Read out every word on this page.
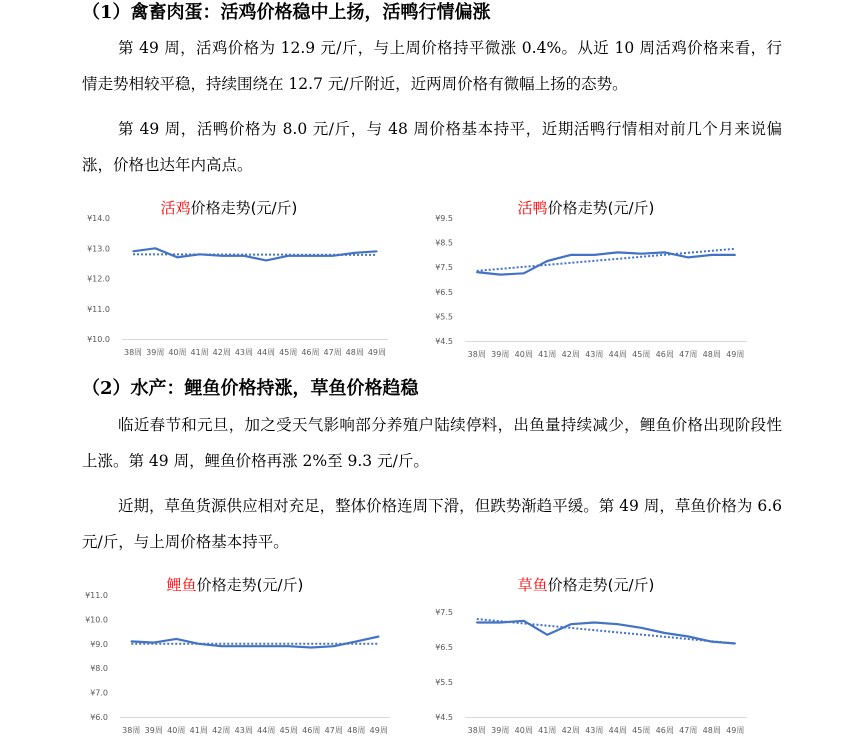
（1）禽畜肉蛋：活鸡价格稳中上扬，活鸭行情偏涨

第 49 周，活鸡价格为 12.9 元/斤，与上周价格持平微涨 0.4%。从近 10 周活鸡价格来看，行情走势相较平稳，持续围绕在 12.7 元/斤附近，近两周价格有微幅上扬的态势。

第 49 周，活鸭价格为 8.0 元/斤，与 48 周价格基本持平，近期活鸭行情相对前几个月来说偏涨，价格也达年内高点。

活鸡价格走势(元/斤)
¥14.0
¥13.0
¥12.0
¥11.0
¥10.0
38周 39周 40周 41周 42周 43周 44周 45周 46周 47周 48周 49周
活鸭价格走势(元/斤)
¥9.5
¥8.5
¥7.5
¥6.5
¥5.5
¥4.5
38周 39周 40周 41周 42周 43周 44周 45周 46周 47周 48周 49周
（2）水产：鲤鱼价格持涨，草鱼价格趋稳

临近春节和元旦，加之受天气影响部分养殖户陆续停料，出鱼量持续减少，鲤鱼价格出现阶段性上涨。第 49 周，鲤鱼价格再涨 2%至 9.3 元/斤。

近期，草鱼货源供应相对充足，整体价格连周下滑，但跌势渐趋平缓。第 49 周，草鱼价格为 6.6 元/斤，与上周价格基本持平。

鲤鱼价格走势(元/斤)
¥11.0
¥10.0
¥9.0
¥8.0
¥7.0
¥6.0
38周 39周 40周 41周 42周 43周 44周 45周 46周 47周 48周 49周
草鱼价格走势(元/斤)
¥7.5
¥6.5
¥5.5
¥4.5
38周 39周 40周 41周 42周 43周 44周 45周 46周 47周 48周 49周
